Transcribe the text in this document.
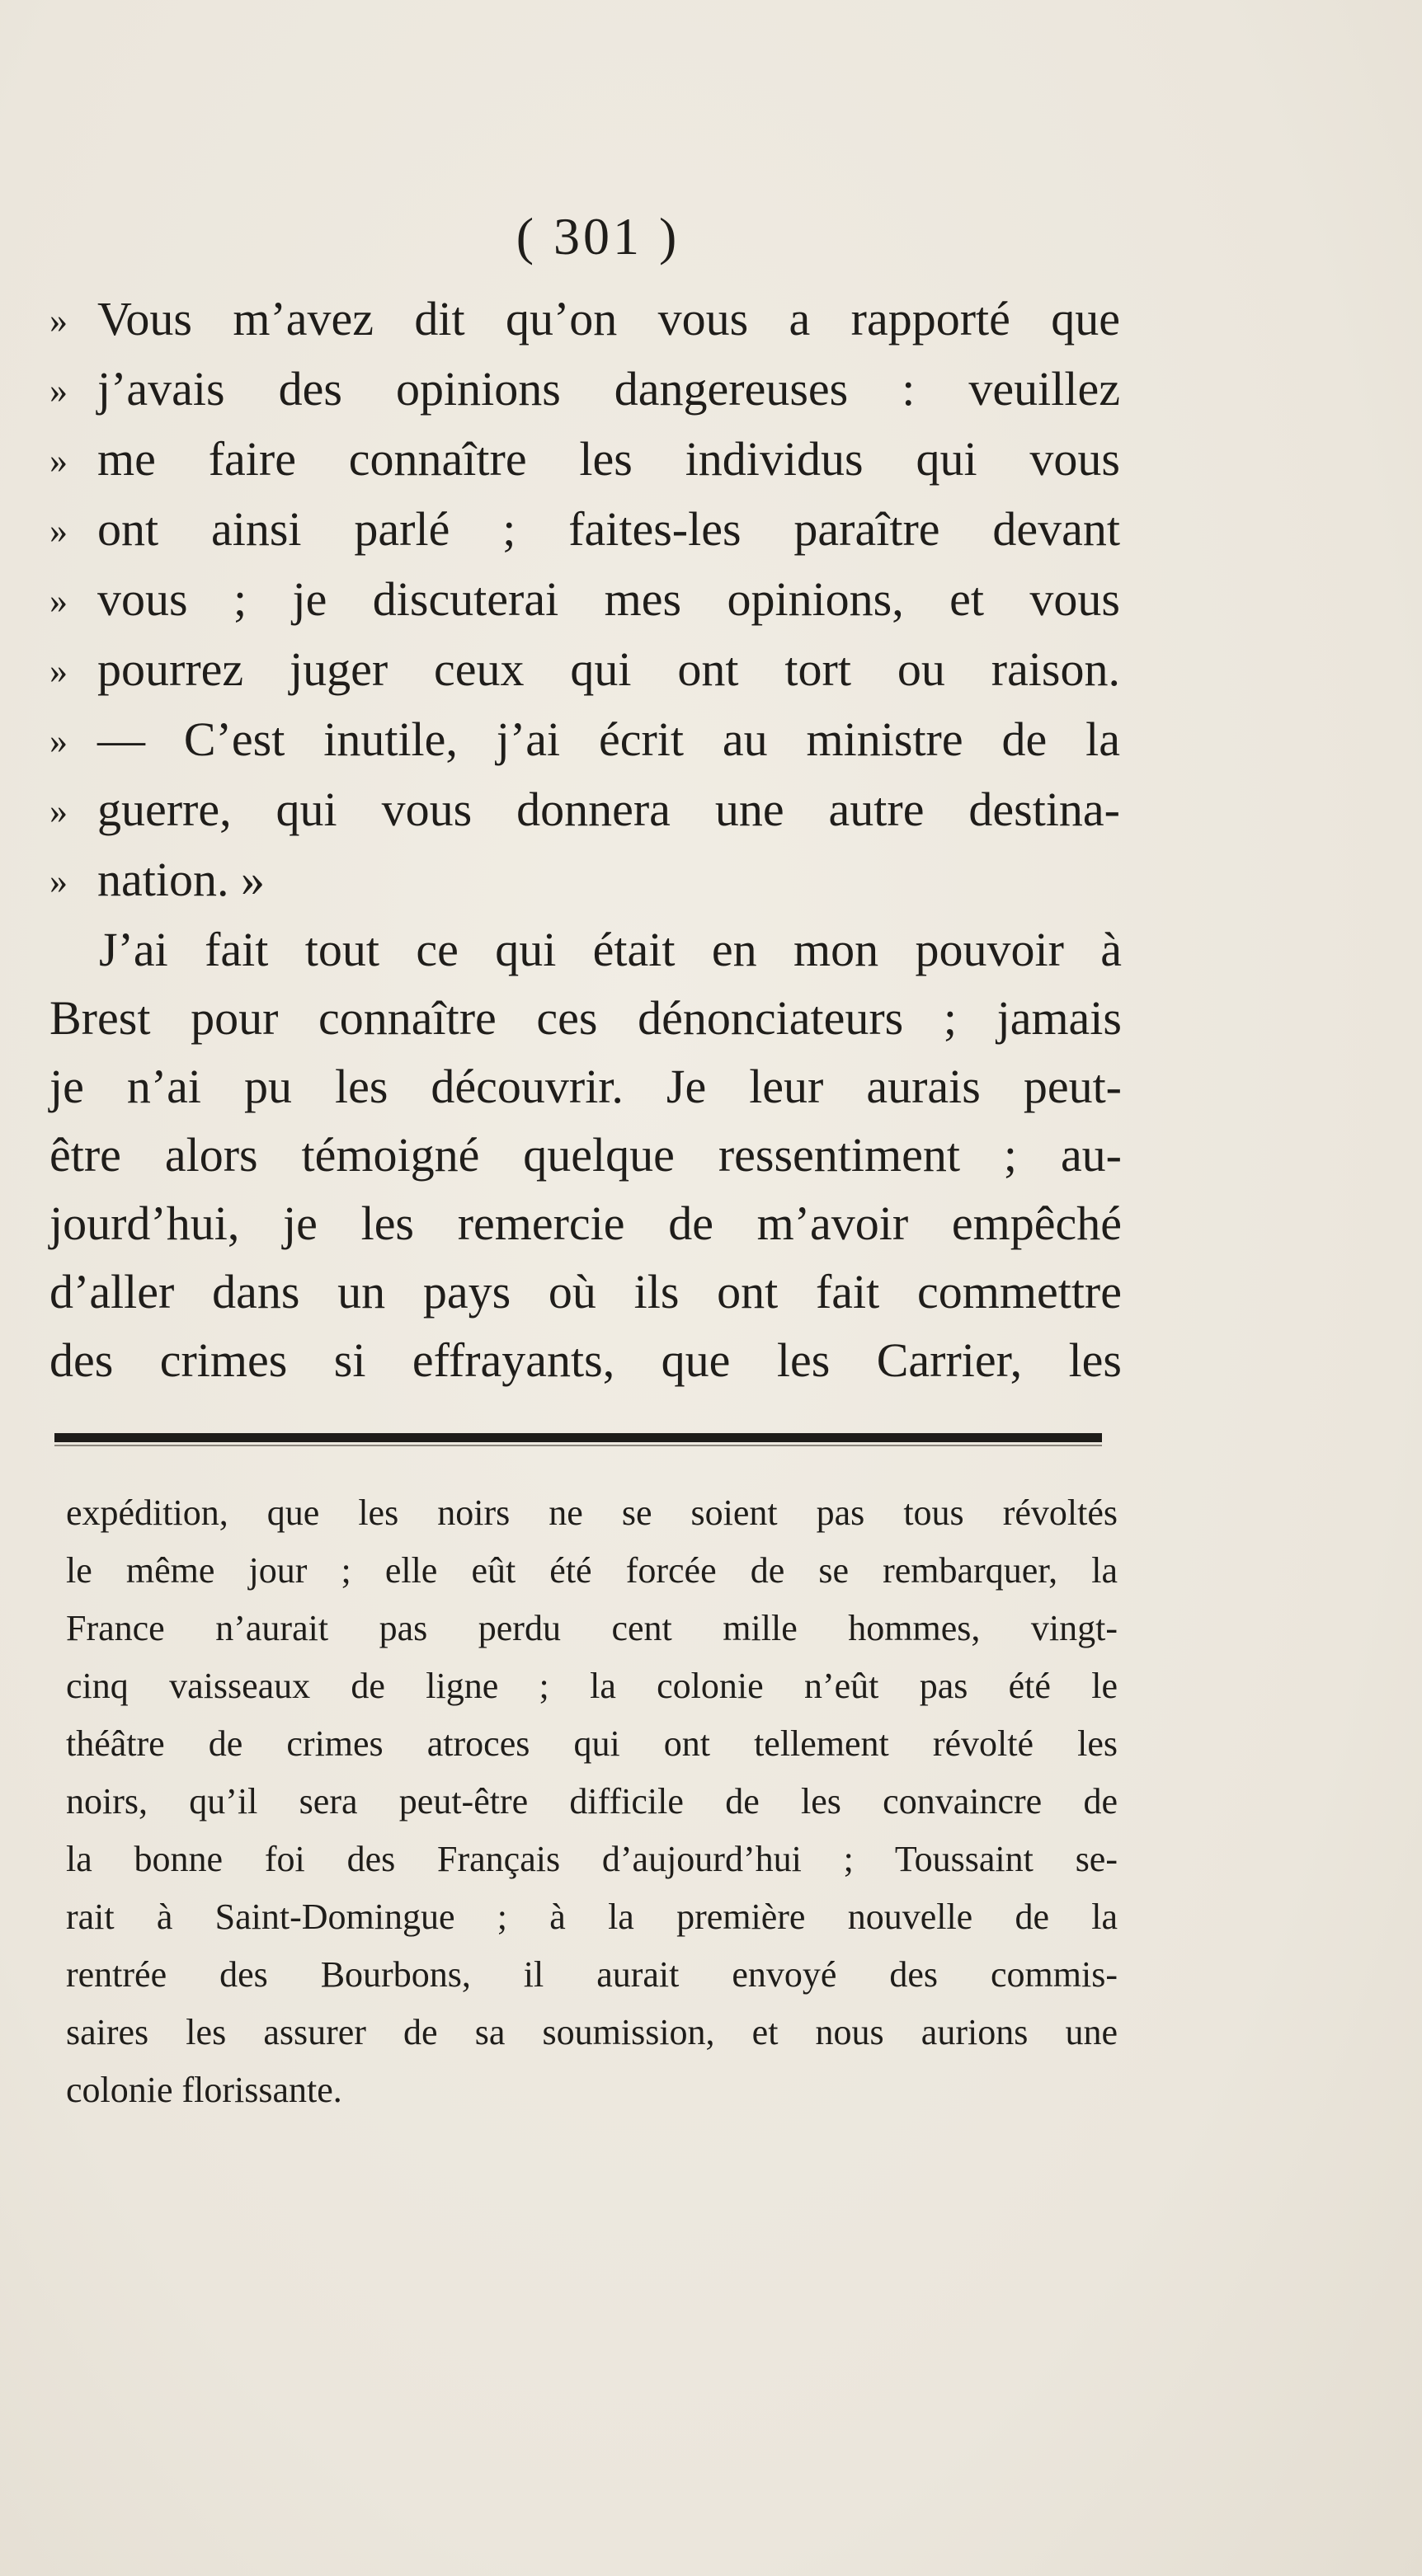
( 301 )
» Vous m’avez dit qu’on vous a rapporté que
» j’avais des opinions dangereuses : veuillez
» me faire connaître les individus qui vous
» ont ainsi parlé ; faites-les paraître devant
» vous ; je discuterai mes opinions, et vous
» pourrez juger ceux qui ont tort ou raison.
» — C’est inutile, j’ai écrit au ministre de la
» guerre, qui vous donnera une autre destina-
» nation. »
J’ai fait tout ce qui était en mon pouvoir à
Brest pour connaître ces dénonciateurs ; jamais
je n’ai pu les découvrir. Je leur aurais peut-
être alors témoigné quelque ressentiment ; au-
jourd’hui, je les remercie de m’avoir empêché
d’aller dans un pays où ils ont fait commettre
des crimes si effrayants, que les Carrier, les
expédition, que les noirs ne se soient pas tous révoltés
le même jour ; elle eût été forcée de se rembarquer, la
France n’aurait pas perdu cent mille hommes, vingt-
cinq vaisseaux de ligne ; la colonie n’eût pas été le
théâtre de crimes atroces qui ont tellement révolté les
noirs, qu’il sera peut-être difficile de les convaincre de
la bonne foi des Français d’aujourd’hui ; Toussaint se-
rait à Saint-Domingue ; à la première nouvelle de la
rentrée des Bourbons, il aurait envoyé des commis-
saires les assurer de sa soumission, et nous aurions une
colonie florissante.
